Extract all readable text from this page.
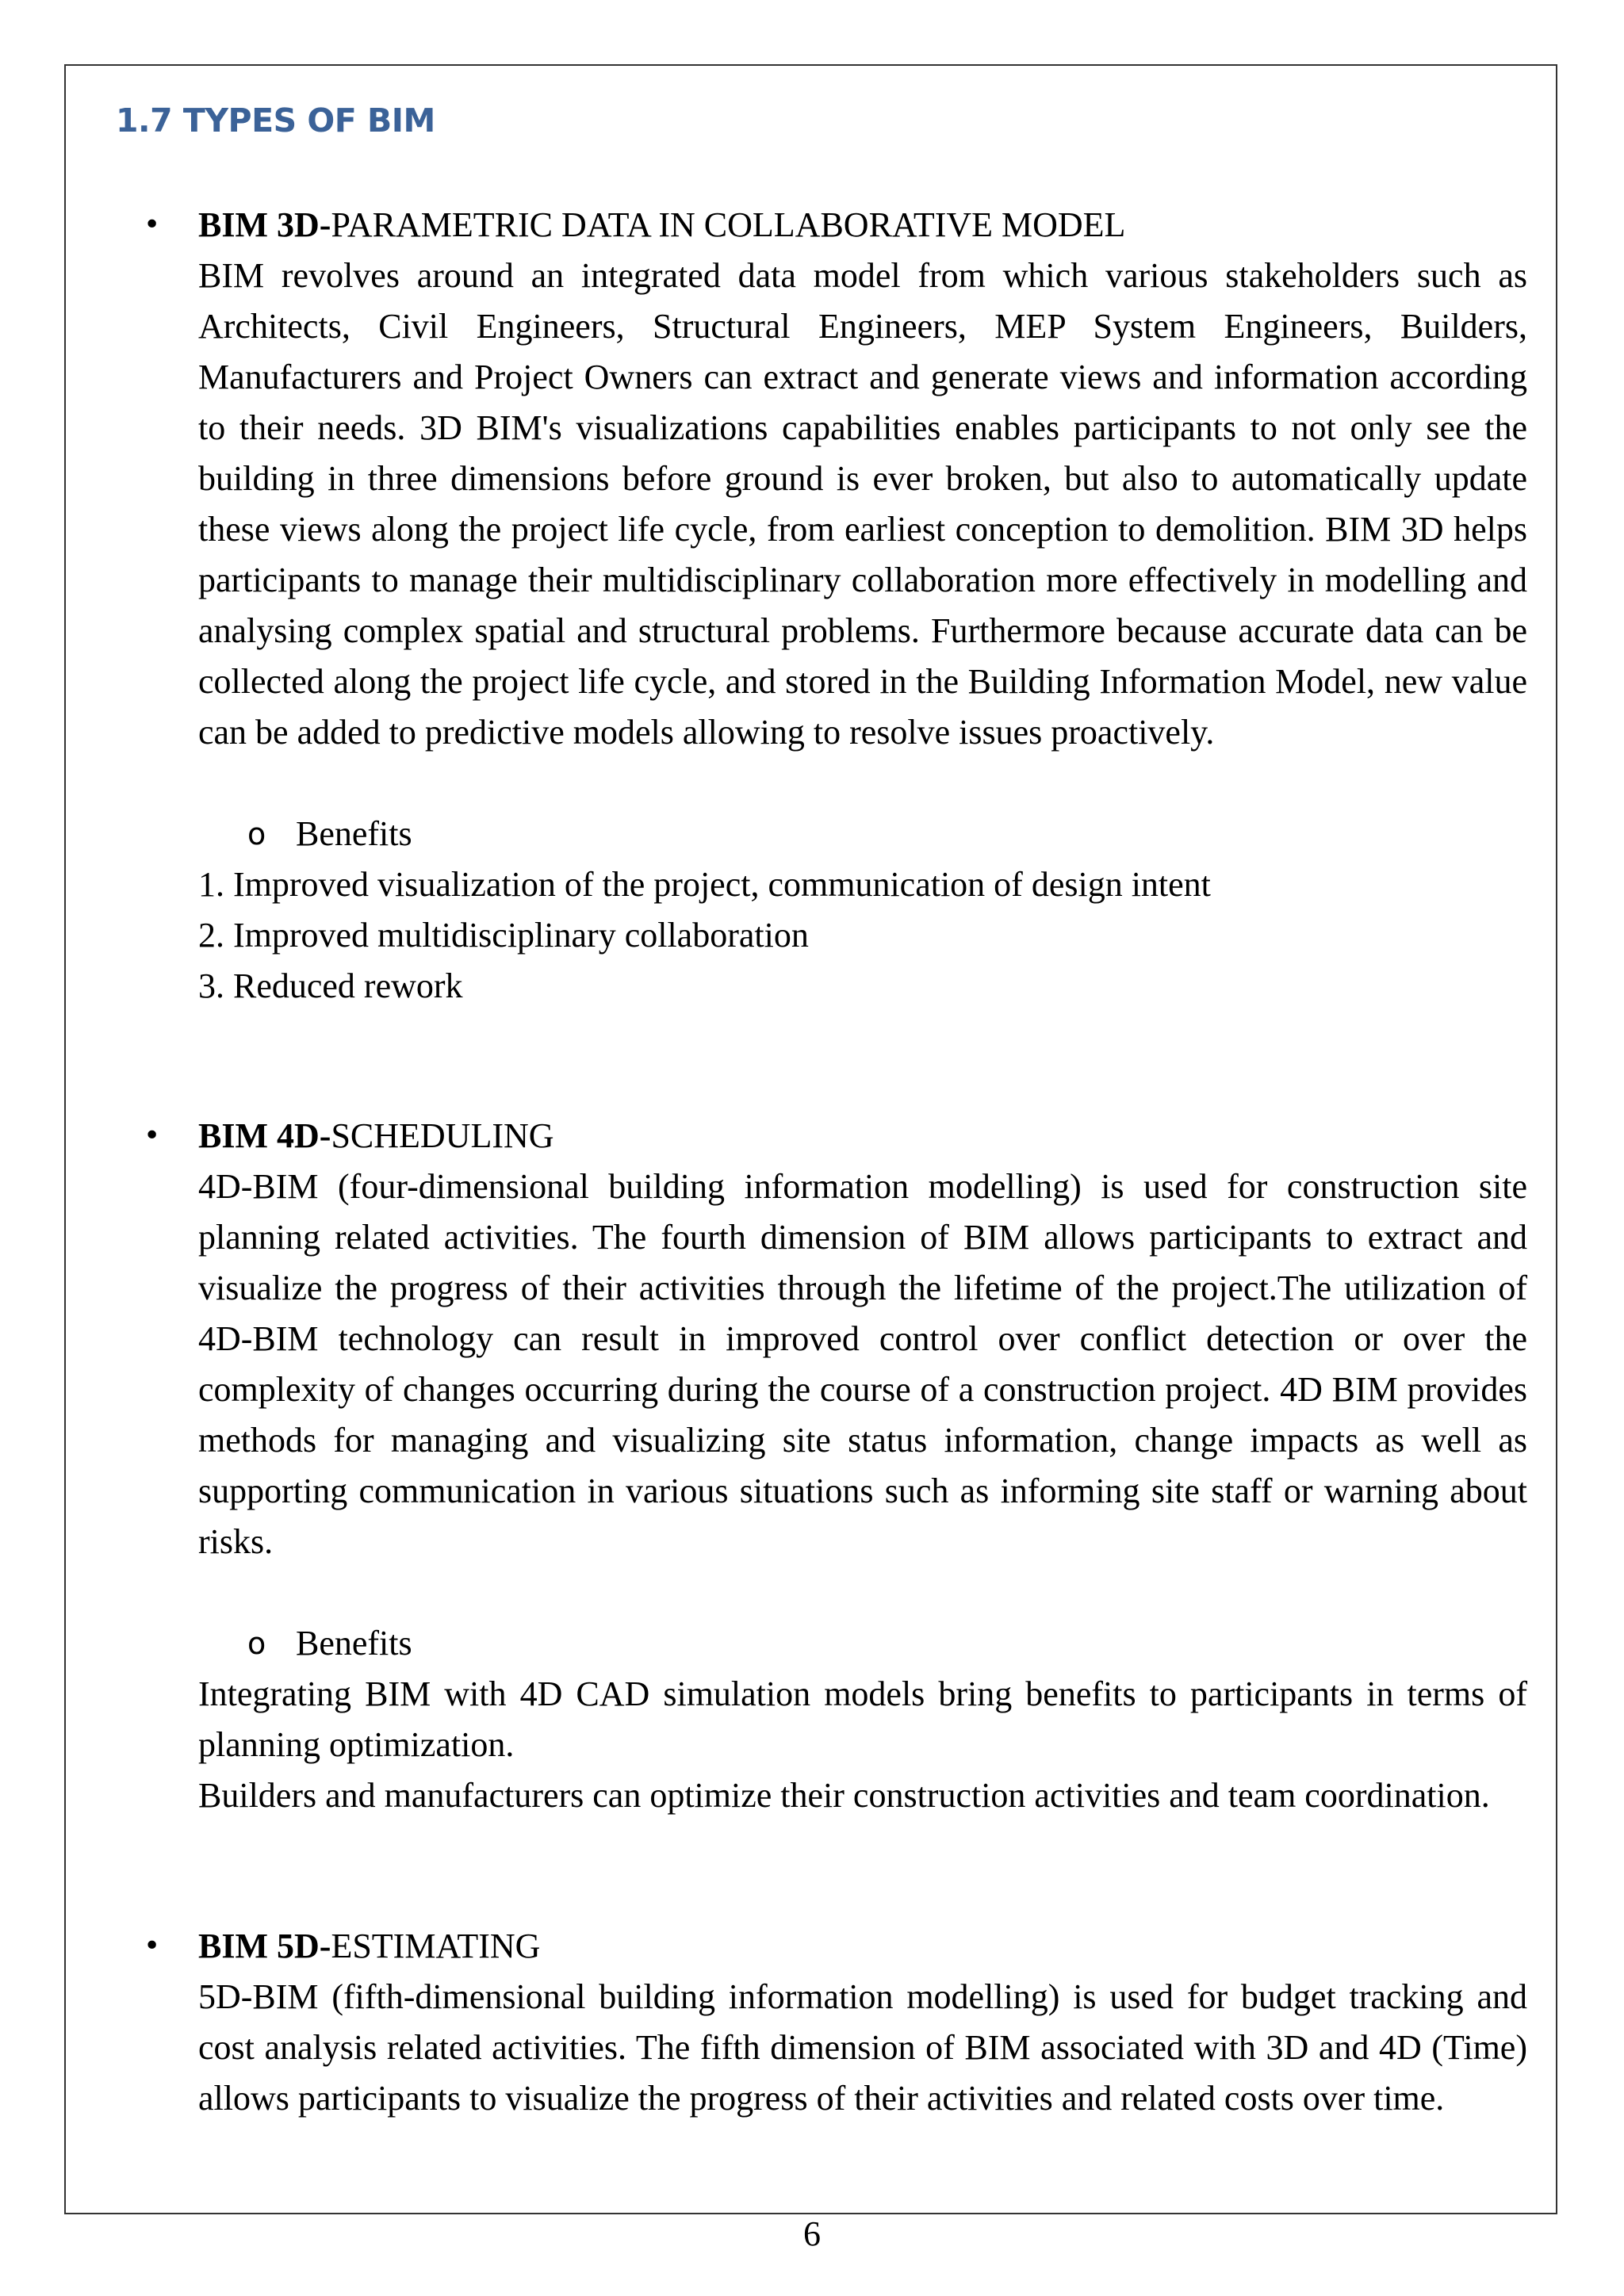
1.7 TYPES OF BIM
• BIM 3D-PARAMETRIC DATA IN COLLABORATIVE MODEL

BIM revolves around an integrated data model from which various stakeholders such as Architects, Civil Engineers, Structural Engineers, MEP System Engineers, Builders, Manufacturers and Project Owners can extract and generate views and information according to their needs. 3D BIM's visualizations capabilities enables participants to not only see the building in three dimensions before ground is ever broken, but also to automatically update these views along the project life cycle, from earliest conception to demolition. BIM 3D helps participants to manage their multidisciplinary collaboration more effectively in modelling and analysing complex spatial and structural problems. Furthermore because accurate data can be collected along the project life cycle, and stored in the Building Information Model, new value can be added to predictive models allowing to resolve issues proactively.

o Benefits
1. Improved visualization of the project, communication of design intent
2. Improved multidisciplinary collaboration
3. Reduced rework
• BIM 4D-SCHEDULING

4D-BIM (four-dimensional building information modelling) is used for construction site planning related activities. The fourth dimension of BIM allows participants to extract and visualize the progress of their activities through the lifetime of the project.The utilization of 4D-BIM technology can result in improved control over conflict detection or over the complexity of changes occurring during the course of a construction project. 4D BIM provides methods for managing and visualizing site status information, change impacts as well as supporting communication in various situations such as informing site staff or warning about risks.

o Benefits

Integrating BIM with 4D CAD simulation models bring benefits to participants in terms of planning optimization.

Builders and manufacturers can optimize their construction activities and team coordination.

• BIM 5D-ESTIMATING

5D-BIM (fifth-dimensional building information modelling) is used for budget tracking and cost analysis related activities. The fifth dimension of BIM associated with 3D and 4D (Time) allows participants to visualize the progress of their activities and related costs over time.

6
